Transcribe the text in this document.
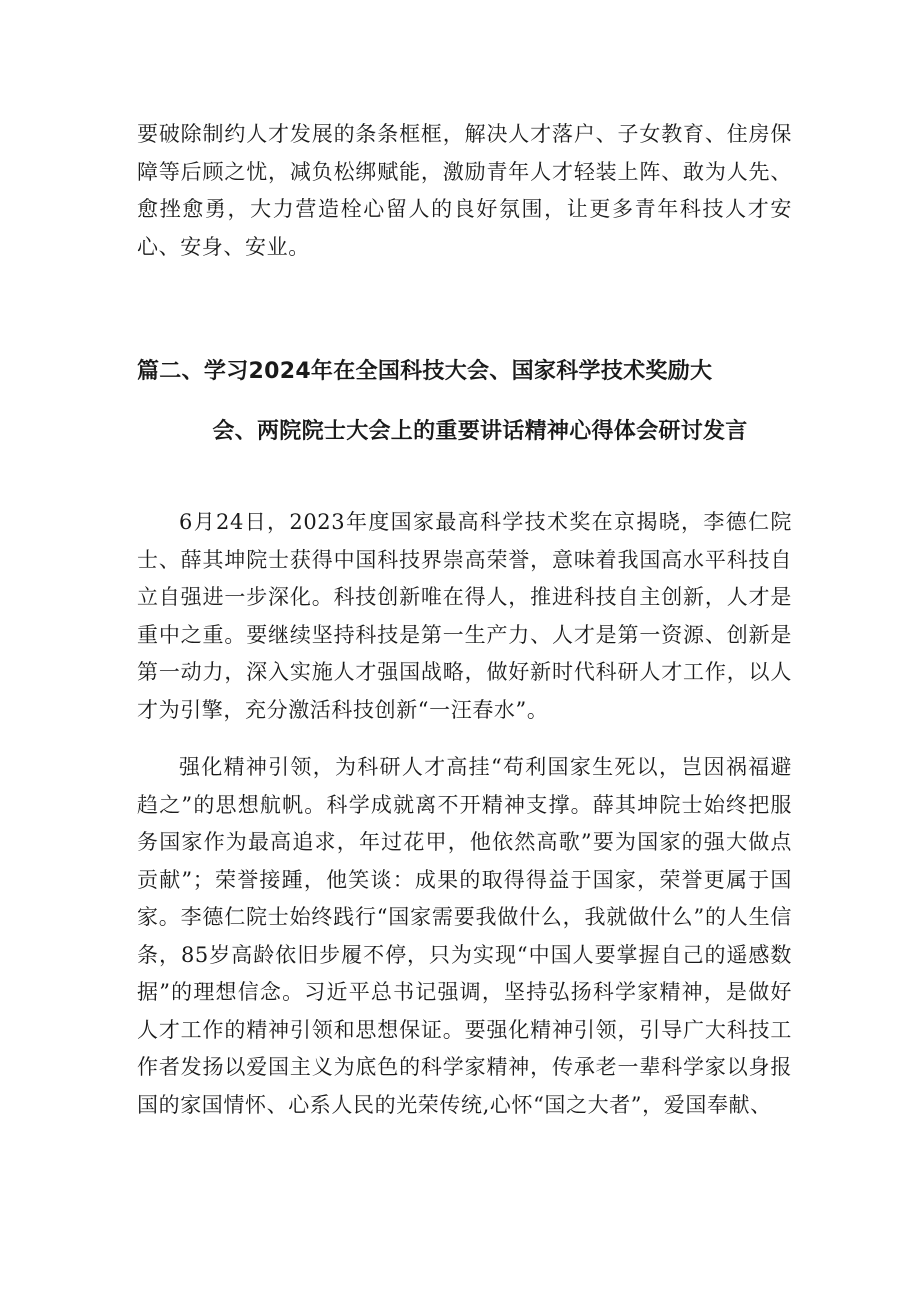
要破除制约人才发展的条条框框，解决人才落户、子女教育、住房保障等后顾之忧，减负松绑赋能，激励青年人才轻装上阵、敢为人先、愈挫愈勇，大力营造栓心留人的良好氛围，让更多青年科技人才安心、安身、安业。

篇二、学习2024年在全国科技大会、国家科学技术奖励大
会、两院院士大会上的重要讲话精神心得体会研讨发言

6月24日，2023年度国家最高科学技术奖在京揭晓，李德仁院士、薛其坤院士获得中国科技界崇高荣誉，意味着我国高水平科技自立自强进一步深化。科技创新唯在得人，推进科技自主创新，人才是重中之重。要继续坚持科技是第一生产力、人才是第一资源、创新是第一动力，深入实施人才强国战略，做好新时代科研人才工作，以人才为引擎，充分激活科技创新“一汪春水”。

强化精神引领，为科研人才高挂“苟利国家生死以，岂因祸福避趋之”的思想航帆。科学成就离不开精神支撑。薛其坤院士始终把服务国家作为最高追求，年过花甲，他依然高歌”要为国家的强大做点贡献”；荣誉接踵，他笑谈：成果的取得得益于国家，荣誉更属于国家。李德仁院士始终践行“国家需要我做什么，我就做什么”的人生信条，85岁高龄依旧步履不停，只为实现“中国人要掌握自己的遥感数据”的理想信念。习近平总书记强调，坚持弘扬科学家精神，是做好人才工作的精神引领和思想保证。要强化精神引领，引导广大科技工作者发扬以爱国主义为底色的科学家精神，传承老一辈科学家以身报国的家国情怀、心系人民的光荣传统,心怀“国之大者”，爱国奉献、
